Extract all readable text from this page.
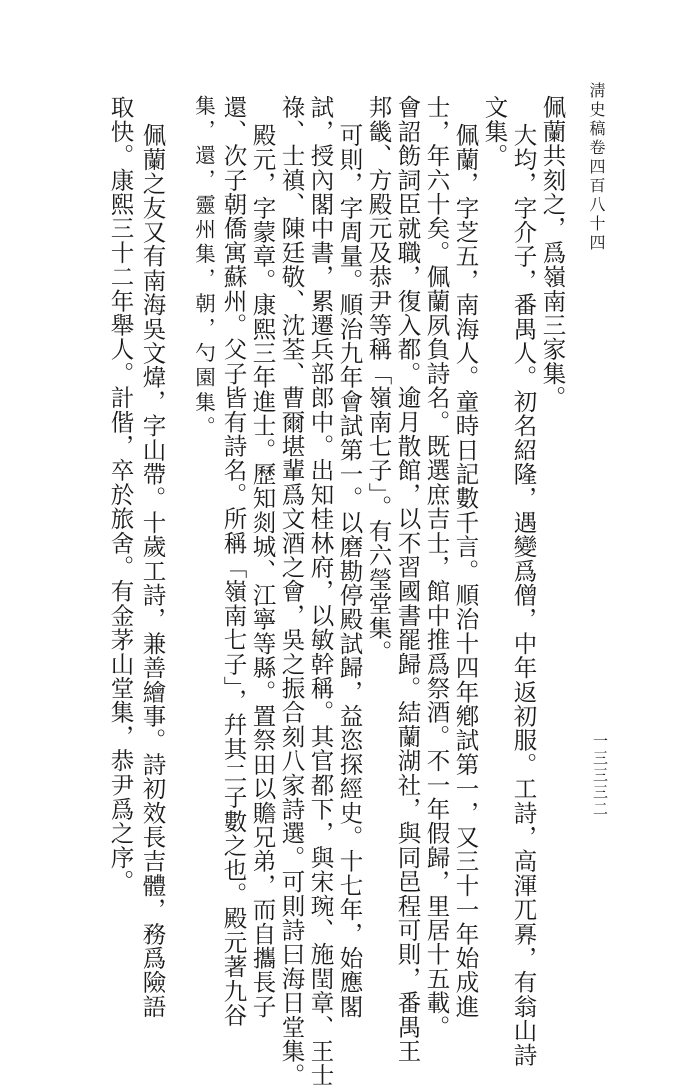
淸史稿卷四百八十四
一三三三二
佩蘭共刻之，爲嶺南三家集。
大均，字介子，番禺人。初名紹隆，遇變爲僧，中年返初服。工詩，高渾兀奡，有翁山詩
文集。
佩蘭，字芝五，南海人。童時日記數千言。順治十四年鄕試第一，又三十一年始成進
士，年六十矣。佩蘭夙負詩名。既選庶吉士，館中推爲祭酒。不一年假歸，里居十五載。
會詔飭詞臣就職，復入都。逾月散館，以不習國書罷歸。結蘭湖社，與同邑程可則，番禺王
邦畿、方殿元及恭尹等稱「嶺南七子」。有六瑩堂集。
可則，字周量。順治九年會試第一。以磨勘停殿試歸，益恣探經史。十七年，始應閣
試，授內閣中書，累遷兵部郎中。出知桂林府，以敏幹稱。其官都下，與宋琬、施閏章、王士
祿、士禛、陳廷敬、沈荃、曹爾堪輩爲文酒之會，吳之振合刻八家詩選。可則詩曰海日堂集。
殿元，字蒙章。康熙三年進士。歷知剡城、江寧等縣。置祭田以贍兄弟，而自攜長子
還、次子朝僑寓蘇州。父子皆有詩名。所稱「嶺南七子」，幷其二子數之也。殿元著九谷
集，還，靈州集，朝，勺園集。
佩蘭之友又有南海吳文煒，字山帶。十歲工詩，兼善繪事。詩初效長吉體，務爲險語
取快。康熙三十二年舉人。計偕，卒於旅舍。有金茅山堂集，恭尹爲之序。
